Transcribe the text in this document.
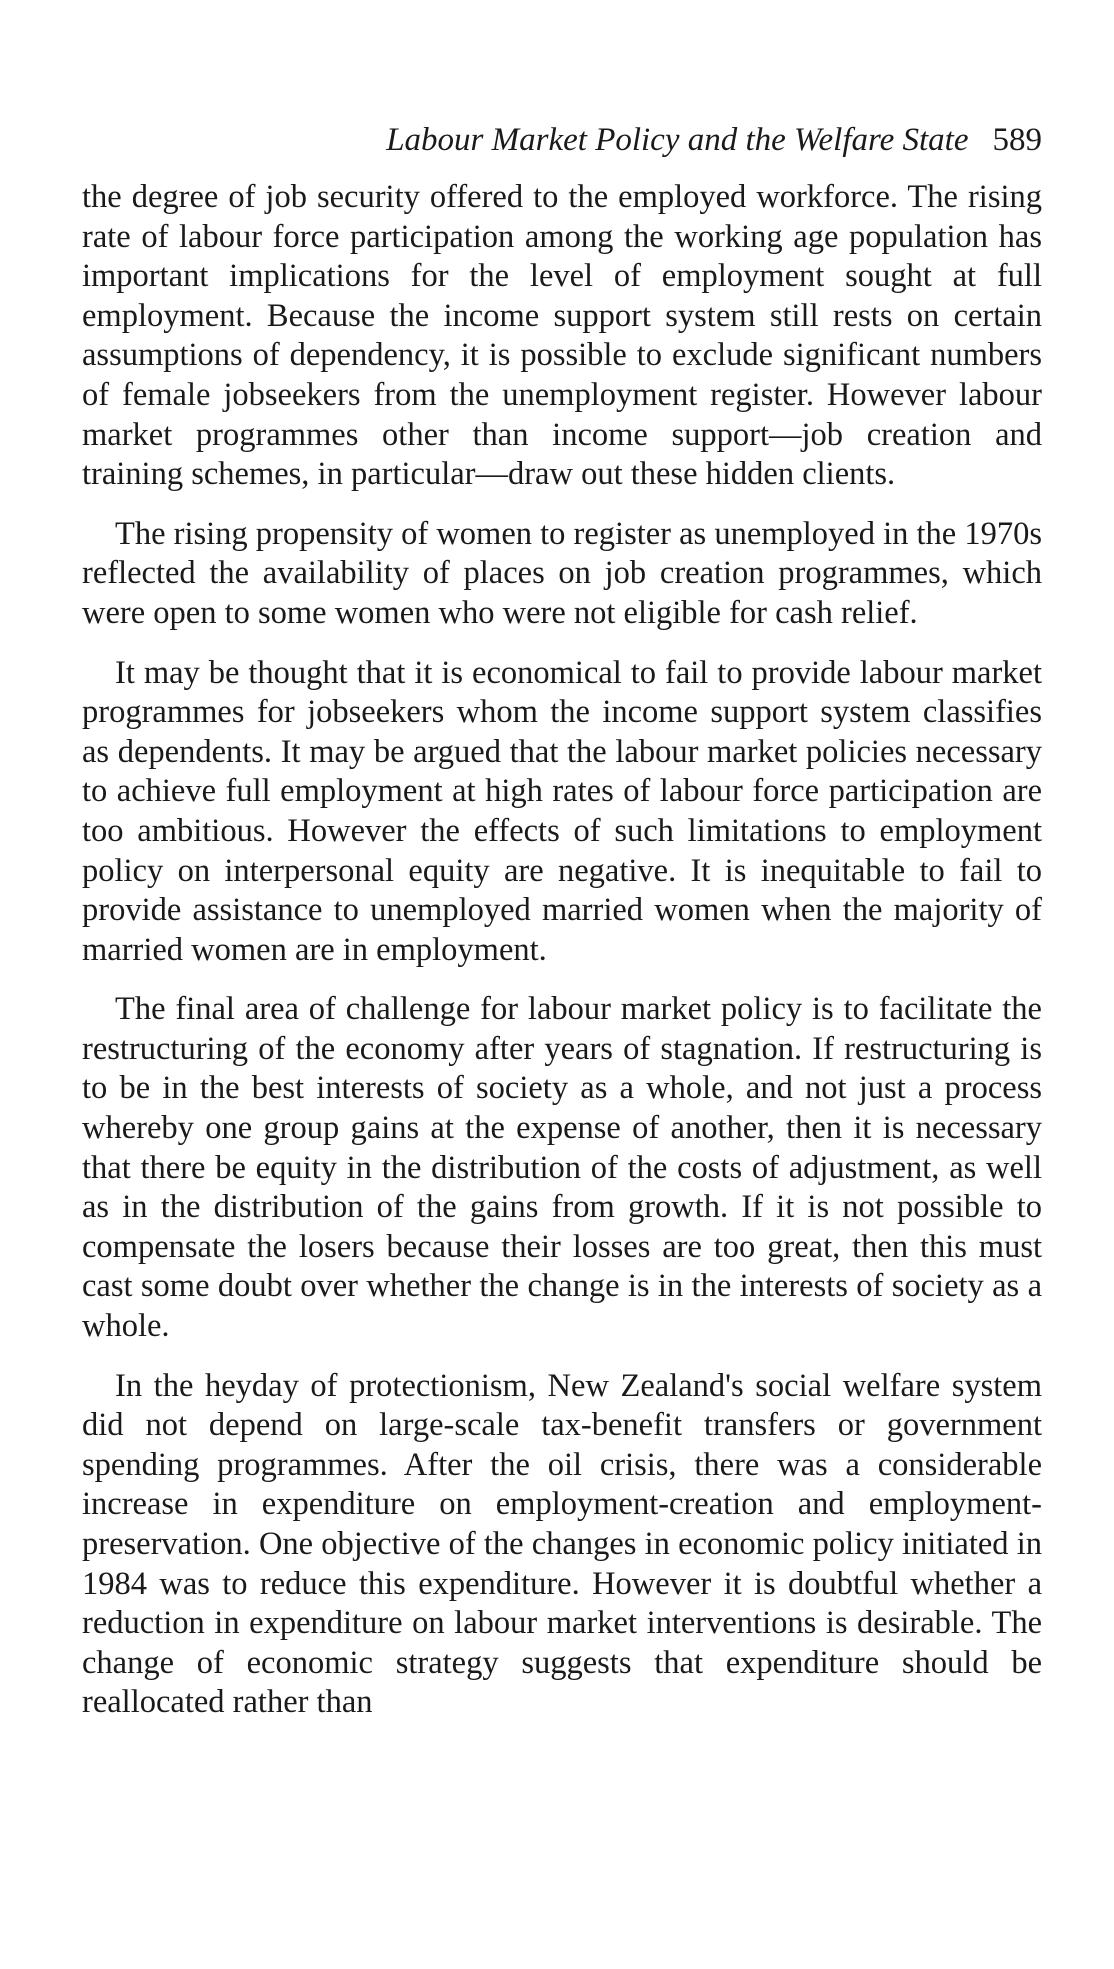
Labour Market Policy and the Welfare State 589

the degree of job security offered to the employed workforce. The rising rate of labour force participation among the working age population has important implications for the level of employment sought at full employment. Because the income support system still rests on certain assumptions of dependency, it is possible to exclude significant numbers of female jobseekers from the unemployment register. However labour market programmes other than income support—job creation and training schemes, in particular—draw out these hidden clients.

The rising propensity of women to register as unemployed in the 1970s reflected the availability of places on job creation programmes, which were open to some women who were not eligible for cash relief.

It may be thought that it is economical to fail to provide labour market programmes for jobseekers whom the income support system classifies as dependents. It may be argued that the labour market policies necessary to achieve full employment at high rates of labour force participation are too ambitious. However the effects of such limitations to employment policy on interpersonal equity are negative. It is inequitable to fail to provide assistance to unemployed married women when the majority of married women are in employment.

The final area of challenge for labour market policy is to facilitate the restructuring of the economy after years of stagnation. If restructuring is to be in the best interests of society as a whole, and not just a process whereby one group gains at the expense of another, then it is necessary that there be equity in the distribution of the costs of adjustment, as well as in the distribution of the gains from growth. If it is not possible to compensate the losers because their losses are too great, then this must cast some doubt over whether the change is in the interests of society as a whole.

In the heyday of protectionism, New Zealand's social welfare system did not depend on large-scale tax-benefit transfers or government spending programmes. After the oil crisis, there was a considerable increase in expenditure on employment-creation and employment-preservation. One objective of the changes in economic policy initiated in 1984 was to reduce this expenditure. However it is doubtful whether a reduction in expenditure on labour market interventions is desirable. The change of economic strategy suggests that expenditure should be reallocated rather than
